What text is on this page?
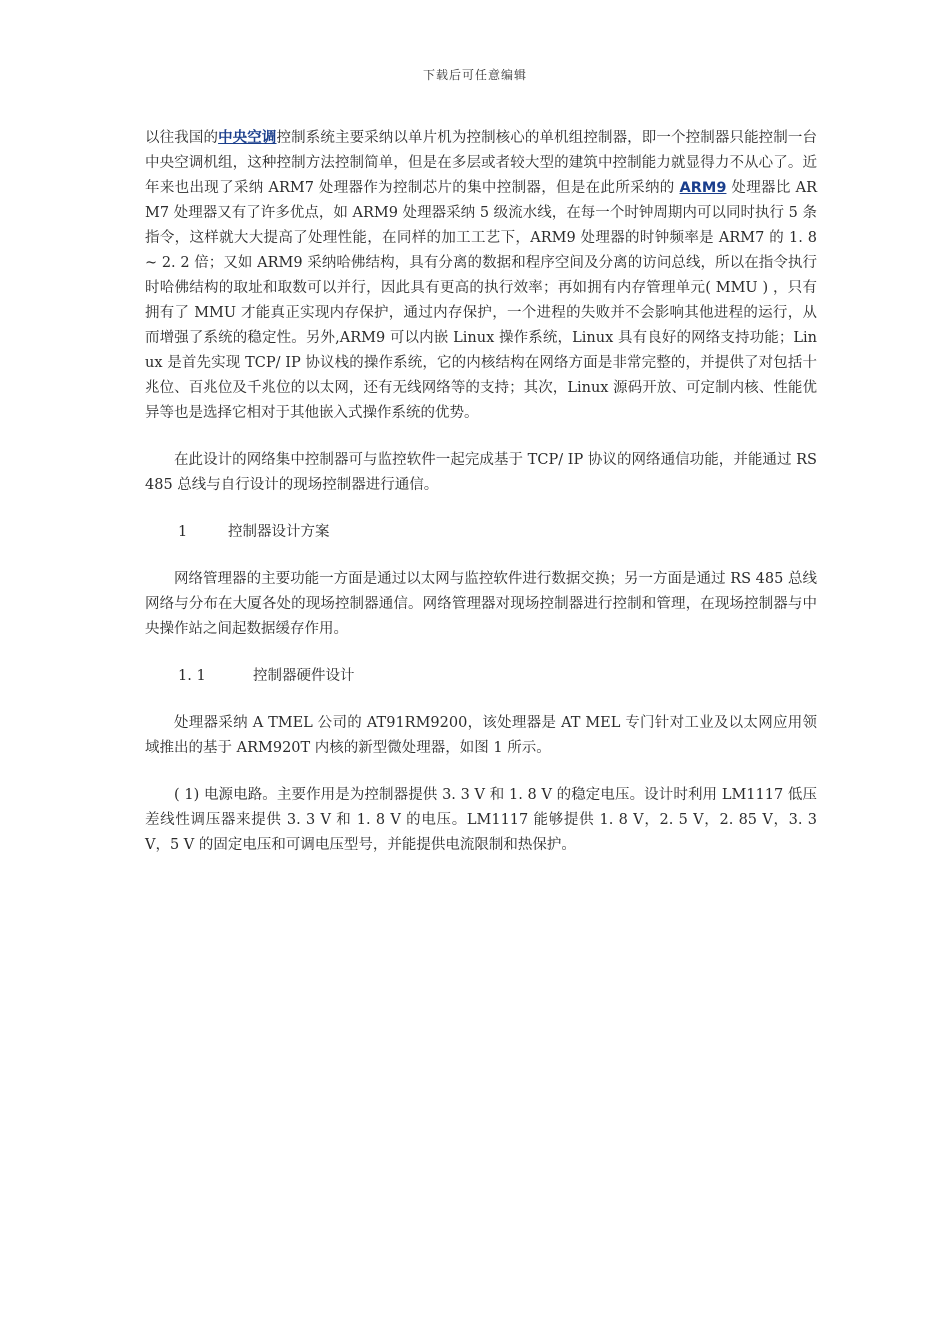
下载后可任意编辑

以往我国的中央空调控制系统主要采纳以单片机为控制核心的单机组控制器，即一个控制器只能控制一台中央空调机组，这种控制方法控制简单，但是在多层或者较大型的建筑中控制能力就显得力不从心了。近年来也出现了采纳 ARM7 处理器作为控制芯片的集中控制器，但是在此所采纳的 ARM9 处理器比 ARM7 处理器又有了许多优点，如 ARM9 处理器采纳 5 级流水线，在每一个时钟周期内可以同时执行 5 条指令，这样就大大提高了处理性能，在同样的加工工艺下，ARM9 处理器的时钟频率是 ARM7 的 1. 8 ~ 2. 2 倍；又如 ARM9 采纳哈佛结构，具有分离的数据和程序空间及分离的访问总线，所以在指令执行时哈佛结构的取址和取数可以并行，因此具有更高的执行效率；再如拥有内存管理单元( MMU ) ，只有拥有了 MMU 才能真正实现内存保护，通过内存保护，一个进程的失败并不会影响其他进程的运行，从而增强了系统的稳定性。另外,ARM9 可以内嵌 Linux 操作系统，Linux 具有良好的网络支持功能；Linux 是首先实现 TCP/ IP 协议栈的操作系统，它的内核结构在网络方面是非常完整的，并提供了对包括十兆位、百兆位及千兆位的以太网，还有无线网络等的支持；其次，Linux 源码开放、可定制内核、性能优异等也是选择它相对于其他嵌入式操作系统的优势。

在此设计的网络集中控制器可与监控软件一起完成基于 TCP/ IP 协议的网络通信功能，并能通过 RS 485 总线与自行设计的现场控制器进行通信。

1	控制器设计方案

网络管理器的主要功能一方面是通过以太网与监控软件进行数据交换；另一方面是通过 RS 485 总线网络与分布在大厦各处的现场控制器通信。网络管理器对现场控制器进行控制和管理，在现场控制器与中央操作站之间起数据缓存作用。

1. 1	控制器硬件设计

处理器采纳 A TMEL 公司的 AT91RM9200，该处理器是 AT MEL 专门针对工业及以太网应用领域推出的基于 ARM920T 内核的新型微处理器，如图 1 所示。

( 1) 电源电路。主要作用是为控制器提供 3. 3 V 和 1. 8 V 的稳定电压。设计时利用 LM1117 低压差线性调压器来提供 3. 3 V 和 1. 8 V 的电压。LM1117 能够提供 1. 8 V，2. 5 V，2. 85 V，3. 3 V，5 V 的固定电压和可调电压型号，并能提供电流限制和热保护。
